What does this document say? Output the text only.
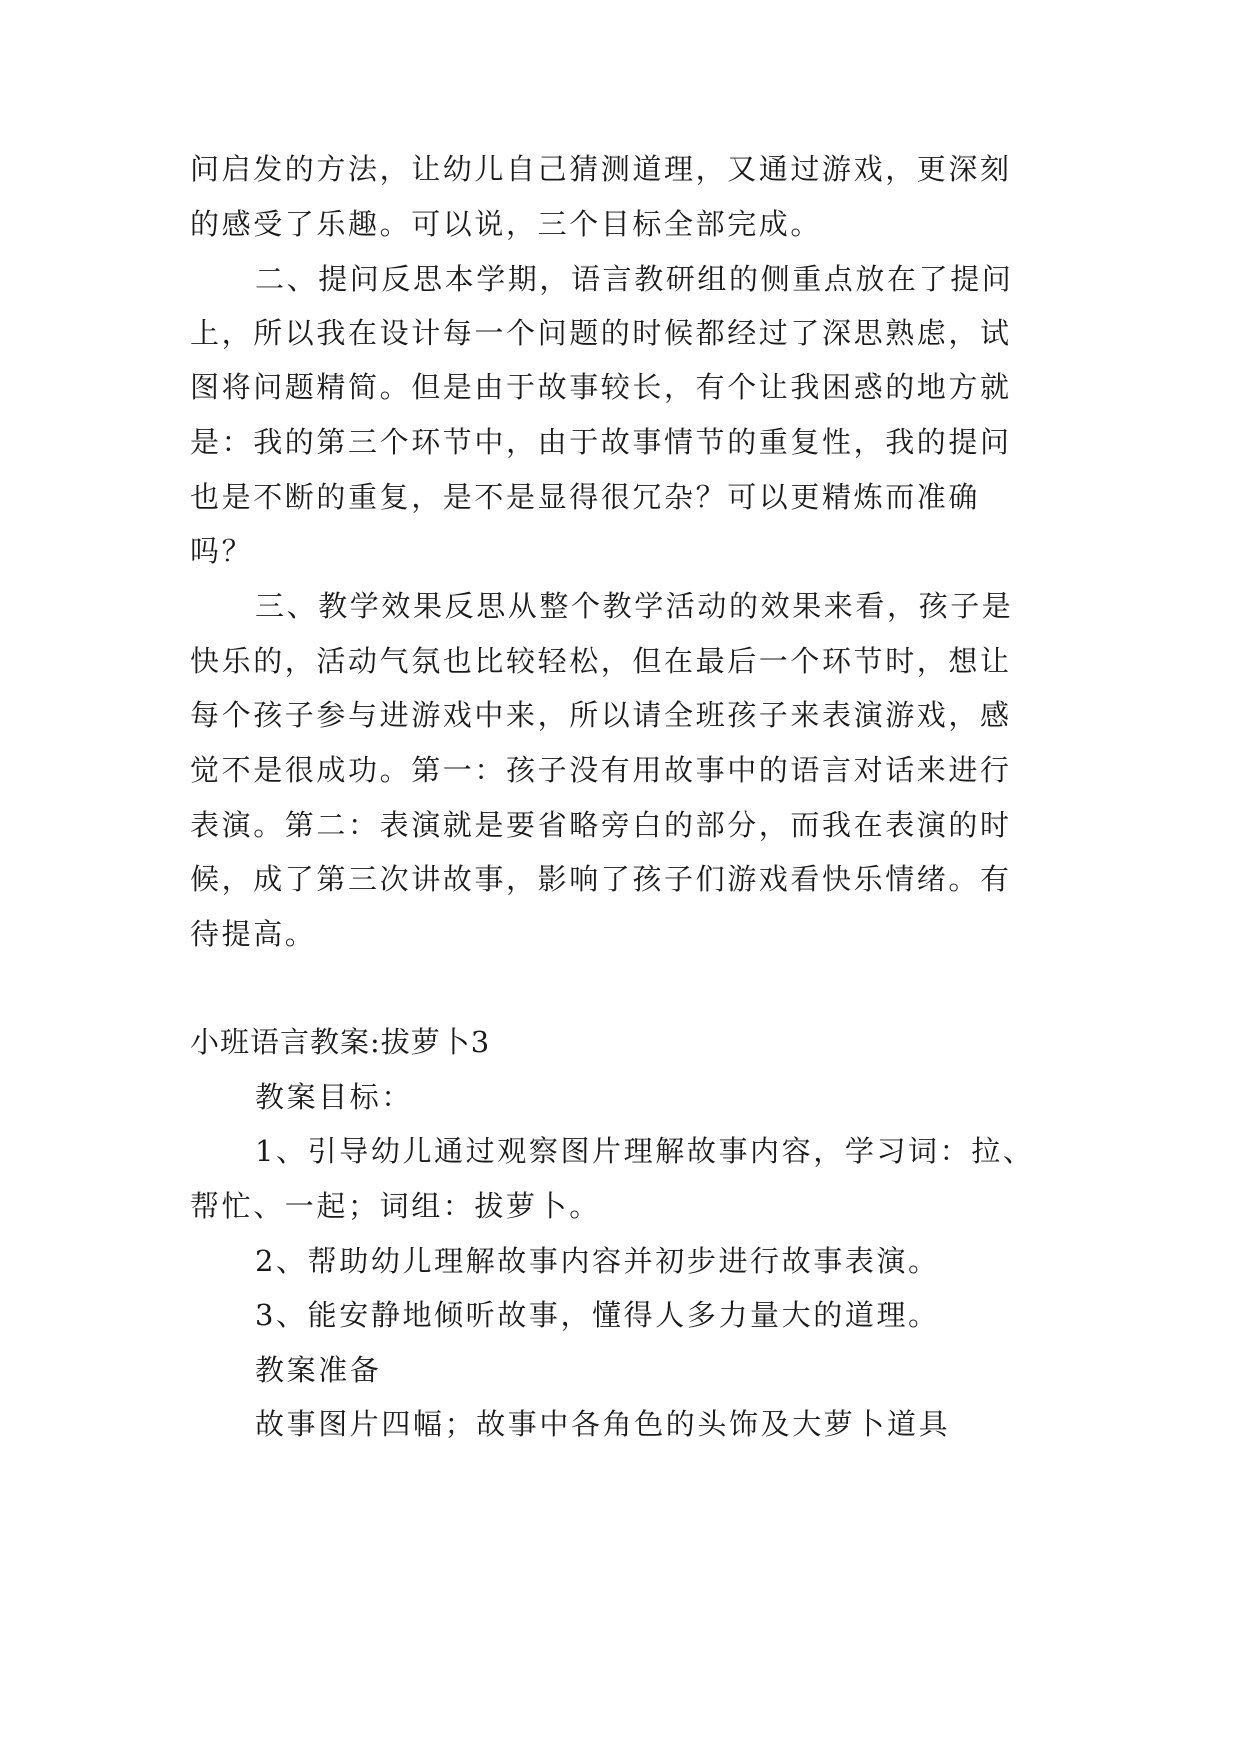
问启发的方法，让幼儿自己猜测道理，又通过游戏，更深刻
的感受了乐趣。可以说，三个目标全部完成。
二、提问反思本学期，语言教研组的侧重点放在了提问
上，所以我在设计每一个问题的时候都经过了深思熟虑，试
图将问题精简。但是由于故事较长，有个让我困惑的地方就
是：我的第三个环节中，由于故事情节的重复性，我的提问
也是不断的重复，是不是显得很冗杂？可以更精炼而准确
吗？
三、教学效果反思从整个教学活动的效果来看，孩子是
快乐的，活动气氛也比较轻松，但在最后一个环节时，想让
每个孩子参与进游戏中来，所以请全班孩子来表演游戏，感
觉不是很成功。第一：孩子没有用故事中的语言对话来进行
表演。第二：表演就是要省略旁白的部分，而我在表演的时
候，成了第三次讲故事，影响了孩子们游戏看快乐情绪。有
待提高。
小班语言教案:拔萝卜3
教案目标：
1、引导幼儿通过观察图片理解故事内容，学习词：拉、
帮忙、一起；词组：拔萝卜。
2、帮助幼儿理解故事内容并初步进行故事表演。
3、能安静地倾听故事，懂得人多力量大的道理。
教案准备
故事图片四幅；故事中各角色的头饰及大萝卜道具
